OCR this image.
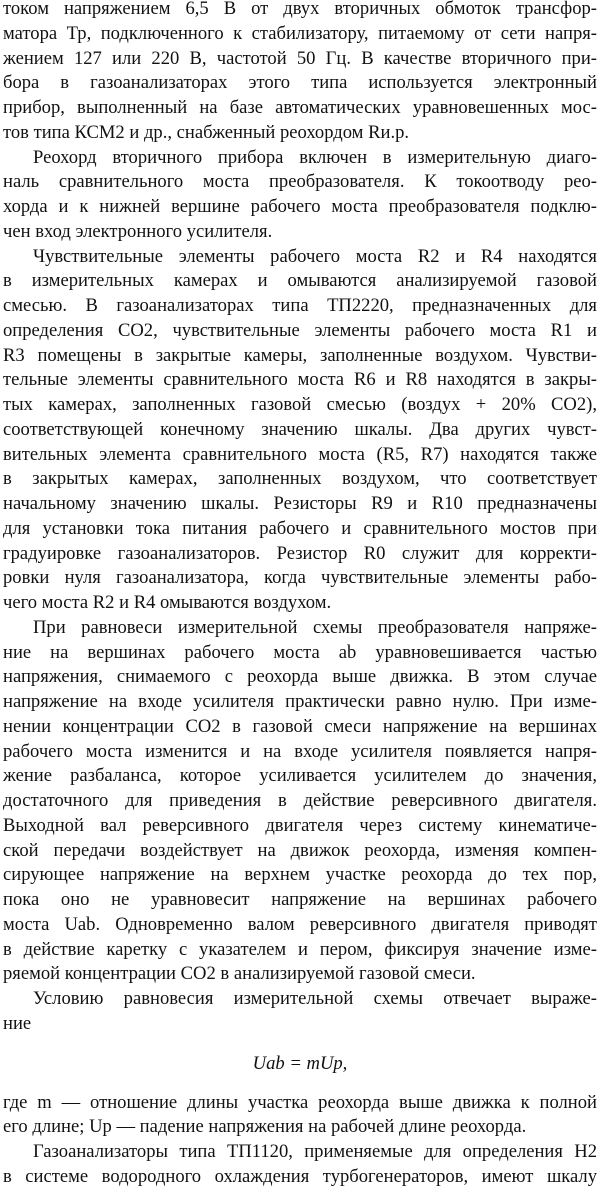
током напряжением 6,5 В от двух вторичных обмоток трансфор-
матора Тр, подключенного к стабилизатору, питаемому от сети напря-
жением 127 или 220 В, частотой 50 Гц. В качестве вторичного при-
бора в газоанализаторах этого типа используется электронный
прибор, выполненный на базе автоматических уравновешенных мос-
тов типа КСМ2 и др., снабженный реохордом Rи.р.
Реохорд вторичного прибора включен в измерительную диаго-
наль сравнительного моста преобразователя. К токоотводу рео-
хорда и к нижней вершине рабочего моста преобразователя подклю-
чен вход электронного усилителя.
Чувствительные элементы рабочего моста R2 и R4 находятся
в измерительных камерах и омываются анализируемой газовой
смесью. В газоанализаторах типа ТП2220, предназначенных для
определения CO2, чувствительные элементы рабочего моста R1 и
R3 помещены в закрытые камеры, заполненные воздухом. Чувстви-
тельные элементы сравнительного моста R6 и R8 находятся в закры-
тых камерах, заполненных газовой смесью (воздух + 20% CO2),
соответствующей конечному значению шкалы. Два других чувст-
вительных элемента сравнительного моста (R5, R7) находятся также
в закрытых камерах, заполненных воздухом, что соответствует
начальному значению шкалы. Резисторы R9 и R10 предназначены
для установки тока питания рабочего и сравнительного мостов при
градуировке газоанализаторов. Резистор R0 служит для корректи-
ровки нуля газоанализатора, когда чувствительные элементы рабо-
чего моста R2 и R4 омываются воздухом.
При равновеси измерительной схемы преобразователя напряже-
ние на вершинах рабочего моста ab уравновешивается частью
напряжения, снимаемого с реохорда выше движка. В этом случае
напряжение на входе усилителя практически равно нулю. При изме-
нении концентрации CO2 в газовой смеси напряжение на вершинах
рабочего моста изменится и на входе усилителя появляется напря-
жение разбаланса, которое усиливается усилителем до значения,
достаточного для приведения в действие реверсивного двигателя.
Выходной вал реверсивного двигателя через систему кинематиче-
ской передачи воздействует на движок реохорда, изменяя компен-
сирующее напряжение на верхнем участке реохорда до тех пор,
пока оно не уравновесит напряжение на вершинах рабочего
моста Uab. Одновременно валом реверсивного двигателя приводят
в действие каретку с указателем и пером, фиксируя значение изме-
ряемой концентрации CO2 в анализируемой газовой смеси.
Условию равновесия измерительной схемы отвечает выраже-
ние
Uab = mUp,
где m — отношение длины участка реохорда выше движка к полной
его длине; Up — падение напряжения на рабочей длине реохорда.
Газоанализаторы типа ТП1120, применяемые для определения H2
в системе водородного охлаждения турбогенераторов, имеют шкалу
